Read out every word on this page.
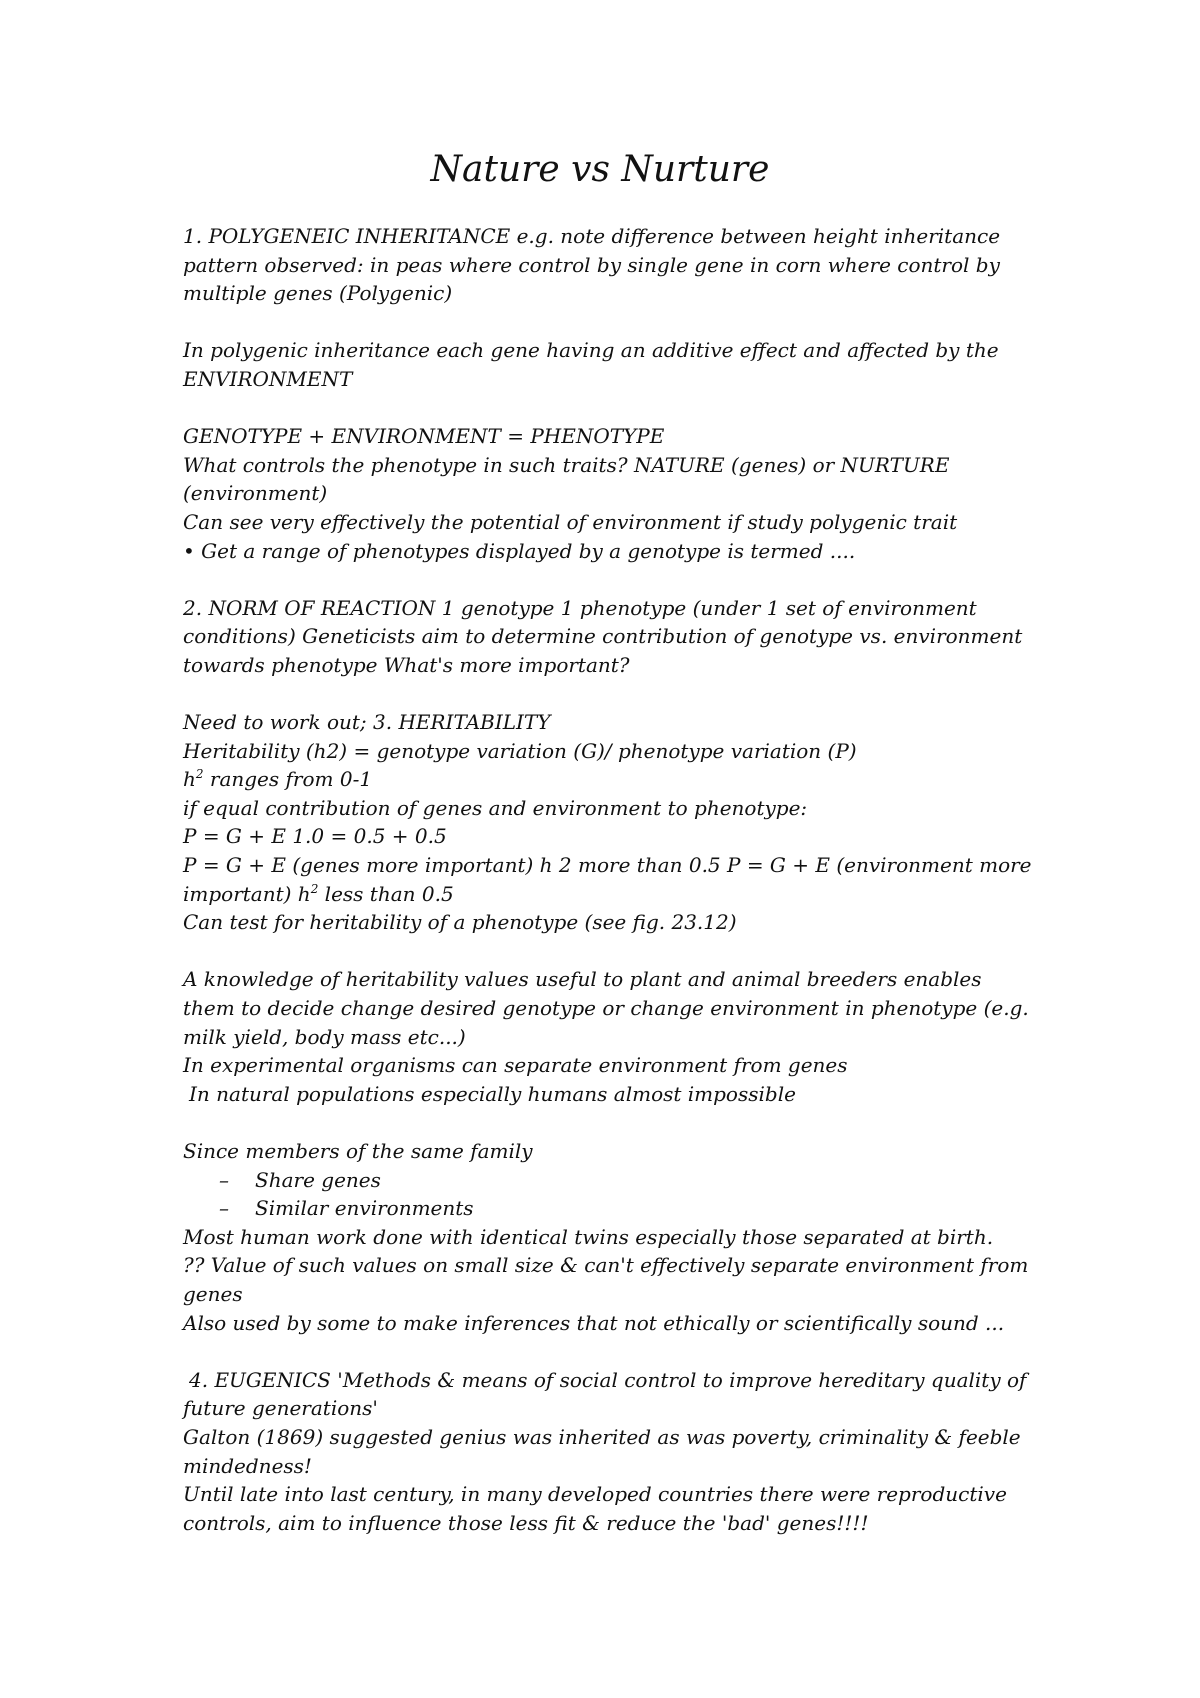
Nature vs Nurture
1. POLYGENEIC INHERITANCE e.g. note difference between height inheritance
pattern observed: in peas where control by single gene in corn where control by
multiple genes (Polygenic)
In polygenic inheritance each gene having an additive effect and affected by the
ENVIRONMENT
GENOTYPE + ENVIRONMENT = PHENOTYPE
What controls the phenotype in such traits? NATURE (genes) or NURTURE
(environment)
Can see very effectively the potential of environment if study polygenic trait
• Get a range of phenotypes displayed by a genotype is termed ....
2. NORM OF REACTION 1 genotype 1 phenotype (under 1 set of environment
conditions) Geneticists aim to determine contribution of genotype vs. environment
towards phenotype What's more important?
Need to work out; 3. HERITABILITY
Heritability (h2) = genotype variation (G)/ phenotype variation (P)
$h^2$ ranges from 0-1
if equal contribution of genes and environment to phenotype:
P = G + E 1.0 = 0.5 + 0.5
P = G + E (genes more important) h 2 more than 0.5 P = G + E (environment more
important) $h^2$ less than 0.5
Can test for heritability of a phenotype (see fig. 23.12)
A knowledge of heritability values useful to plant and animal breeders enables
them to decide change desired genotype or change environment in phenotype (e.g.
milk yield, body mass etc...)
In experimental organisms can separate environment from genes
In natural populations especially humans almost impossible
Since members of the same family
– Share genes
– Similar environments
Most human work done with identical twins especially those separated at birth.
?? Value of such values on small size & can't effectively separate environment from
genes
Also used by some to make inferences that not ethically or scientifically sound ...
4. EUGENICS 'Methods & means of social control to improve hereditary quality of
future generations'
Galton (1869) suggested genius was inherited as was poverty, criminality & feeble
mindedness!
Until late into last century, in many developed countries there were reproductive
controls, aim to influence those less fit & reduce the 'bad' genes!!!!
